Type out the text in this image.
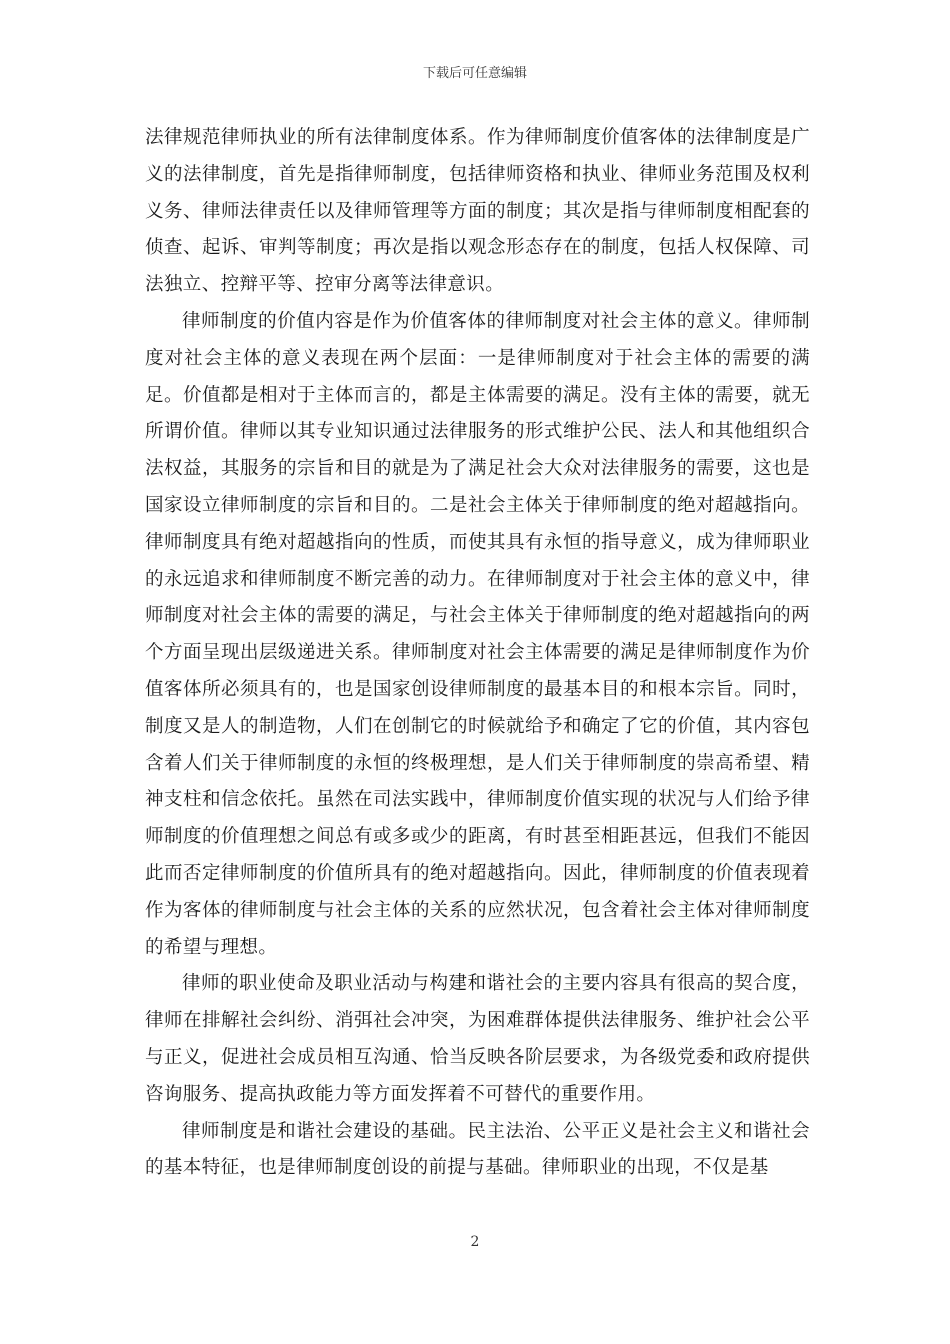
下载后可任意编辑

法律规范律师执业的所有法律制度体系。作为律师制度价值客体的法律制度是广义的法律制度，首先是指律师制度，包括律师资格和执业、律师业务范围及权利义务、律师法律责任以及律师管理等方面的制度；其次是指与律师制度相配套的侦查、起诉、审判等制度；再次是指以观念形态存在的制度，包括人权保障、司法独立、控辩平等、控审分离等法律意识。

律师制度的价值内容是作为价值客体的律师制度对社会主体的意义。律师制度对社会主体的意义表现在两个层面：一是律师制度对于社会主体的需要的满足。价值都是相对于主体而言的，都是主体需要的满足。没有主体的需要，就无所谓价值。律师以其专业知识通过法律服务的形式维护公民、法人和其他组织合法权益，其服务的宗旨和目的就是为了满足社会大众对法律服务的需要，这也是国家设立律师制度的宗旨和目的。二是社会主体关于律师制度的绝对超越指向。律师制度具有绝对超越指向的性质，而使其具有永恒的指导意义，成为律师职业的永远追求和律师制度不断完善的动力。在律师制度对于社会主体的意义中，律师制度对社会主体的需要的满足，与社会主体关于律师制度的绝对超越指向的两个方面呈现出层级递进关系。律师制度对社会主体需要的满足是律师制度作为价值客体所必须具有的，也是国家创设律师制度的最基本目的和根本宗旨。同时，制度又是人的制造物，人们在创制它的时候就给予和确定了它的价值，其内容包含着人们关于律师制度的永恒的终极理想，是人们关于律师制度的崇高希望、精神支柱和信念依托。虽然在司法实践中，律师制度价值实现的状况与人们给予律师制度的价值理想之间总有或多或少的距离，有时甚至相距甚远，但我们不能因此而否定律师制度的价值所具有的绝对超越指向。因此，律师制度的价值表现着作为客体的律师制度与社会主体的关系的应然状况，包含着社会主体对律师制度的希望与理想。

律师的职业使命及职业活动与构建和谐社会的主要内容具有很高的契合度，律师在排解社会纠纷、消弭社会冲突，为困难群体提供法律服务、维护社会公平与正义，促进社会成员相互沟通、恰当反映各阶层要求，为各级党委和政府提供咨询服务、提高执政能力等方面发挥着不可替代的重要作用。

律师制度是和谐社会建设的基础。民主法治、公平正义是社会主义和谐社会的基本特征，也是律师制度创设的前提与基础。律师职业的出现，不仅是基

2
